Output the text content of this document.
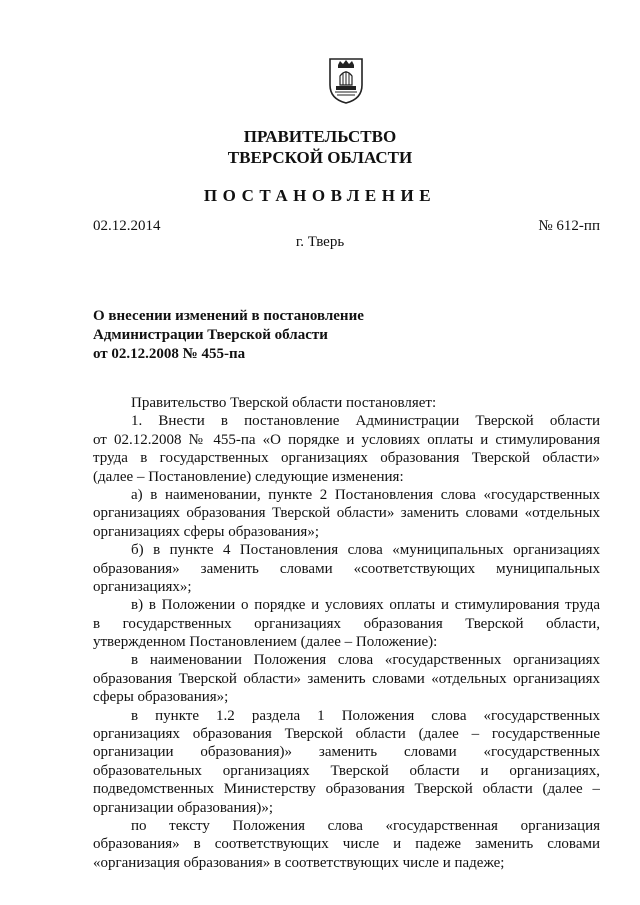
ПРАВИТЕЛЬСТВО
ТВЕРСКОЙ ОБЛАСТИ
ПОСТАНОВЛЕНИЕ
02.12.2014	№ 612-пп
г. Тверь
О внесении изменений в постановление
Администрации Тверской области
от 02.12.2008 № 455-па
Правительство Тверской области постановляет:
1. Внести в постановление Администрации Тверской области
от 02.12.2008 № 455-па «О порядке и условиях оплаты и стимулирования
труда в государственных организациях образования Тверской области»
(далее – Постановление) следующие изменения:
а) в наименовании, пункте 2 Постановления слова «государственных
организациях образования Тверской области» заменить словами «отдельных
организациях сферы образования»;
б) в пункте 4 Постановления слова «муниципальных организациях
образования» заменить словами «соответствующих муниципальных
организациях»;
в) в Положении о порядке и условиях оплаты и стимулирования труда
в государственных организациях образования Тверской области,
утвержденном Постановлением (далее – Положение):
в наименовании Положения слова «государственных организациях
образования Тверской области» заменить словами «отдельных организациях
сферы образования»;
в пункте 1.2 раздела 1 Положения слова «государственных
организациях образования Тверской области (далее – государственные
организации образования)» заменить словами «государственных
образовательных организациях Тверской области и организациях,
подведомственных Министерству образования Тверской области (далее –
организации образования)»;
по тексту Положения слова «государственная организация
образования» в соответствующих числе и падеже заменить словами
«организация образования» в соответствующих числе и падеже;
